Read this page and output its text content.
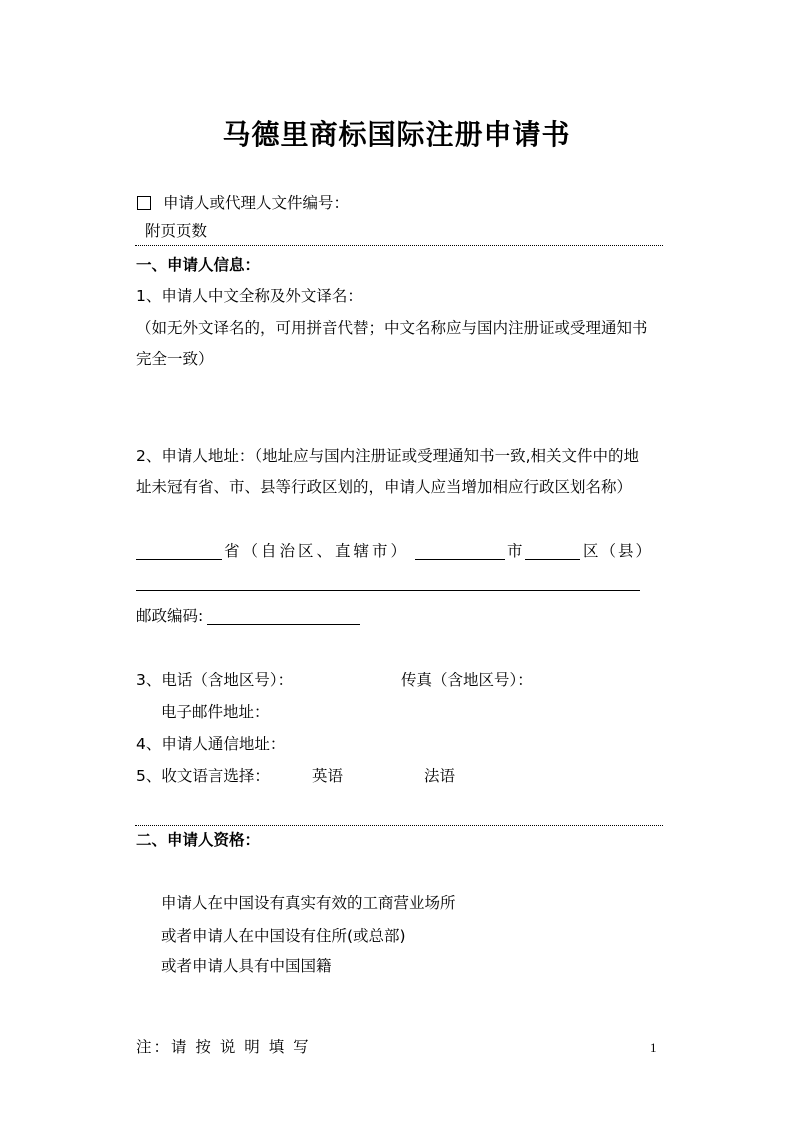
马德里商标国际注册申请书
申请人或代理人文件编号：
附页页数
一、申请人信息：
1、申请人中文全称及外文译名：
（如无外文译名的，可用拼音代替；中文名称应与国内注册证或受理通知书
完全一致）
2、申请人地址：（地址应与国内注册证或受理通知书一致,相关文件中的地
址未冠有省、市、县等行政区划的，申请人应当增加相应行政区划名称）
省（自治区、直辖市）	市	区（县）
邮政编码:
3、电话（含地区号）：	传真（含地区号）：
电子邮件地址：
4、申请人通信地址：
5、收文语言选择：	英语	法语
二、申请人资格：
申请人在中国设有真实有效的工商营业场所
或者申请人在中国设有住所(或总部)
或者申请人具有中国国籍
注：请 按 说 明 填 写	1
